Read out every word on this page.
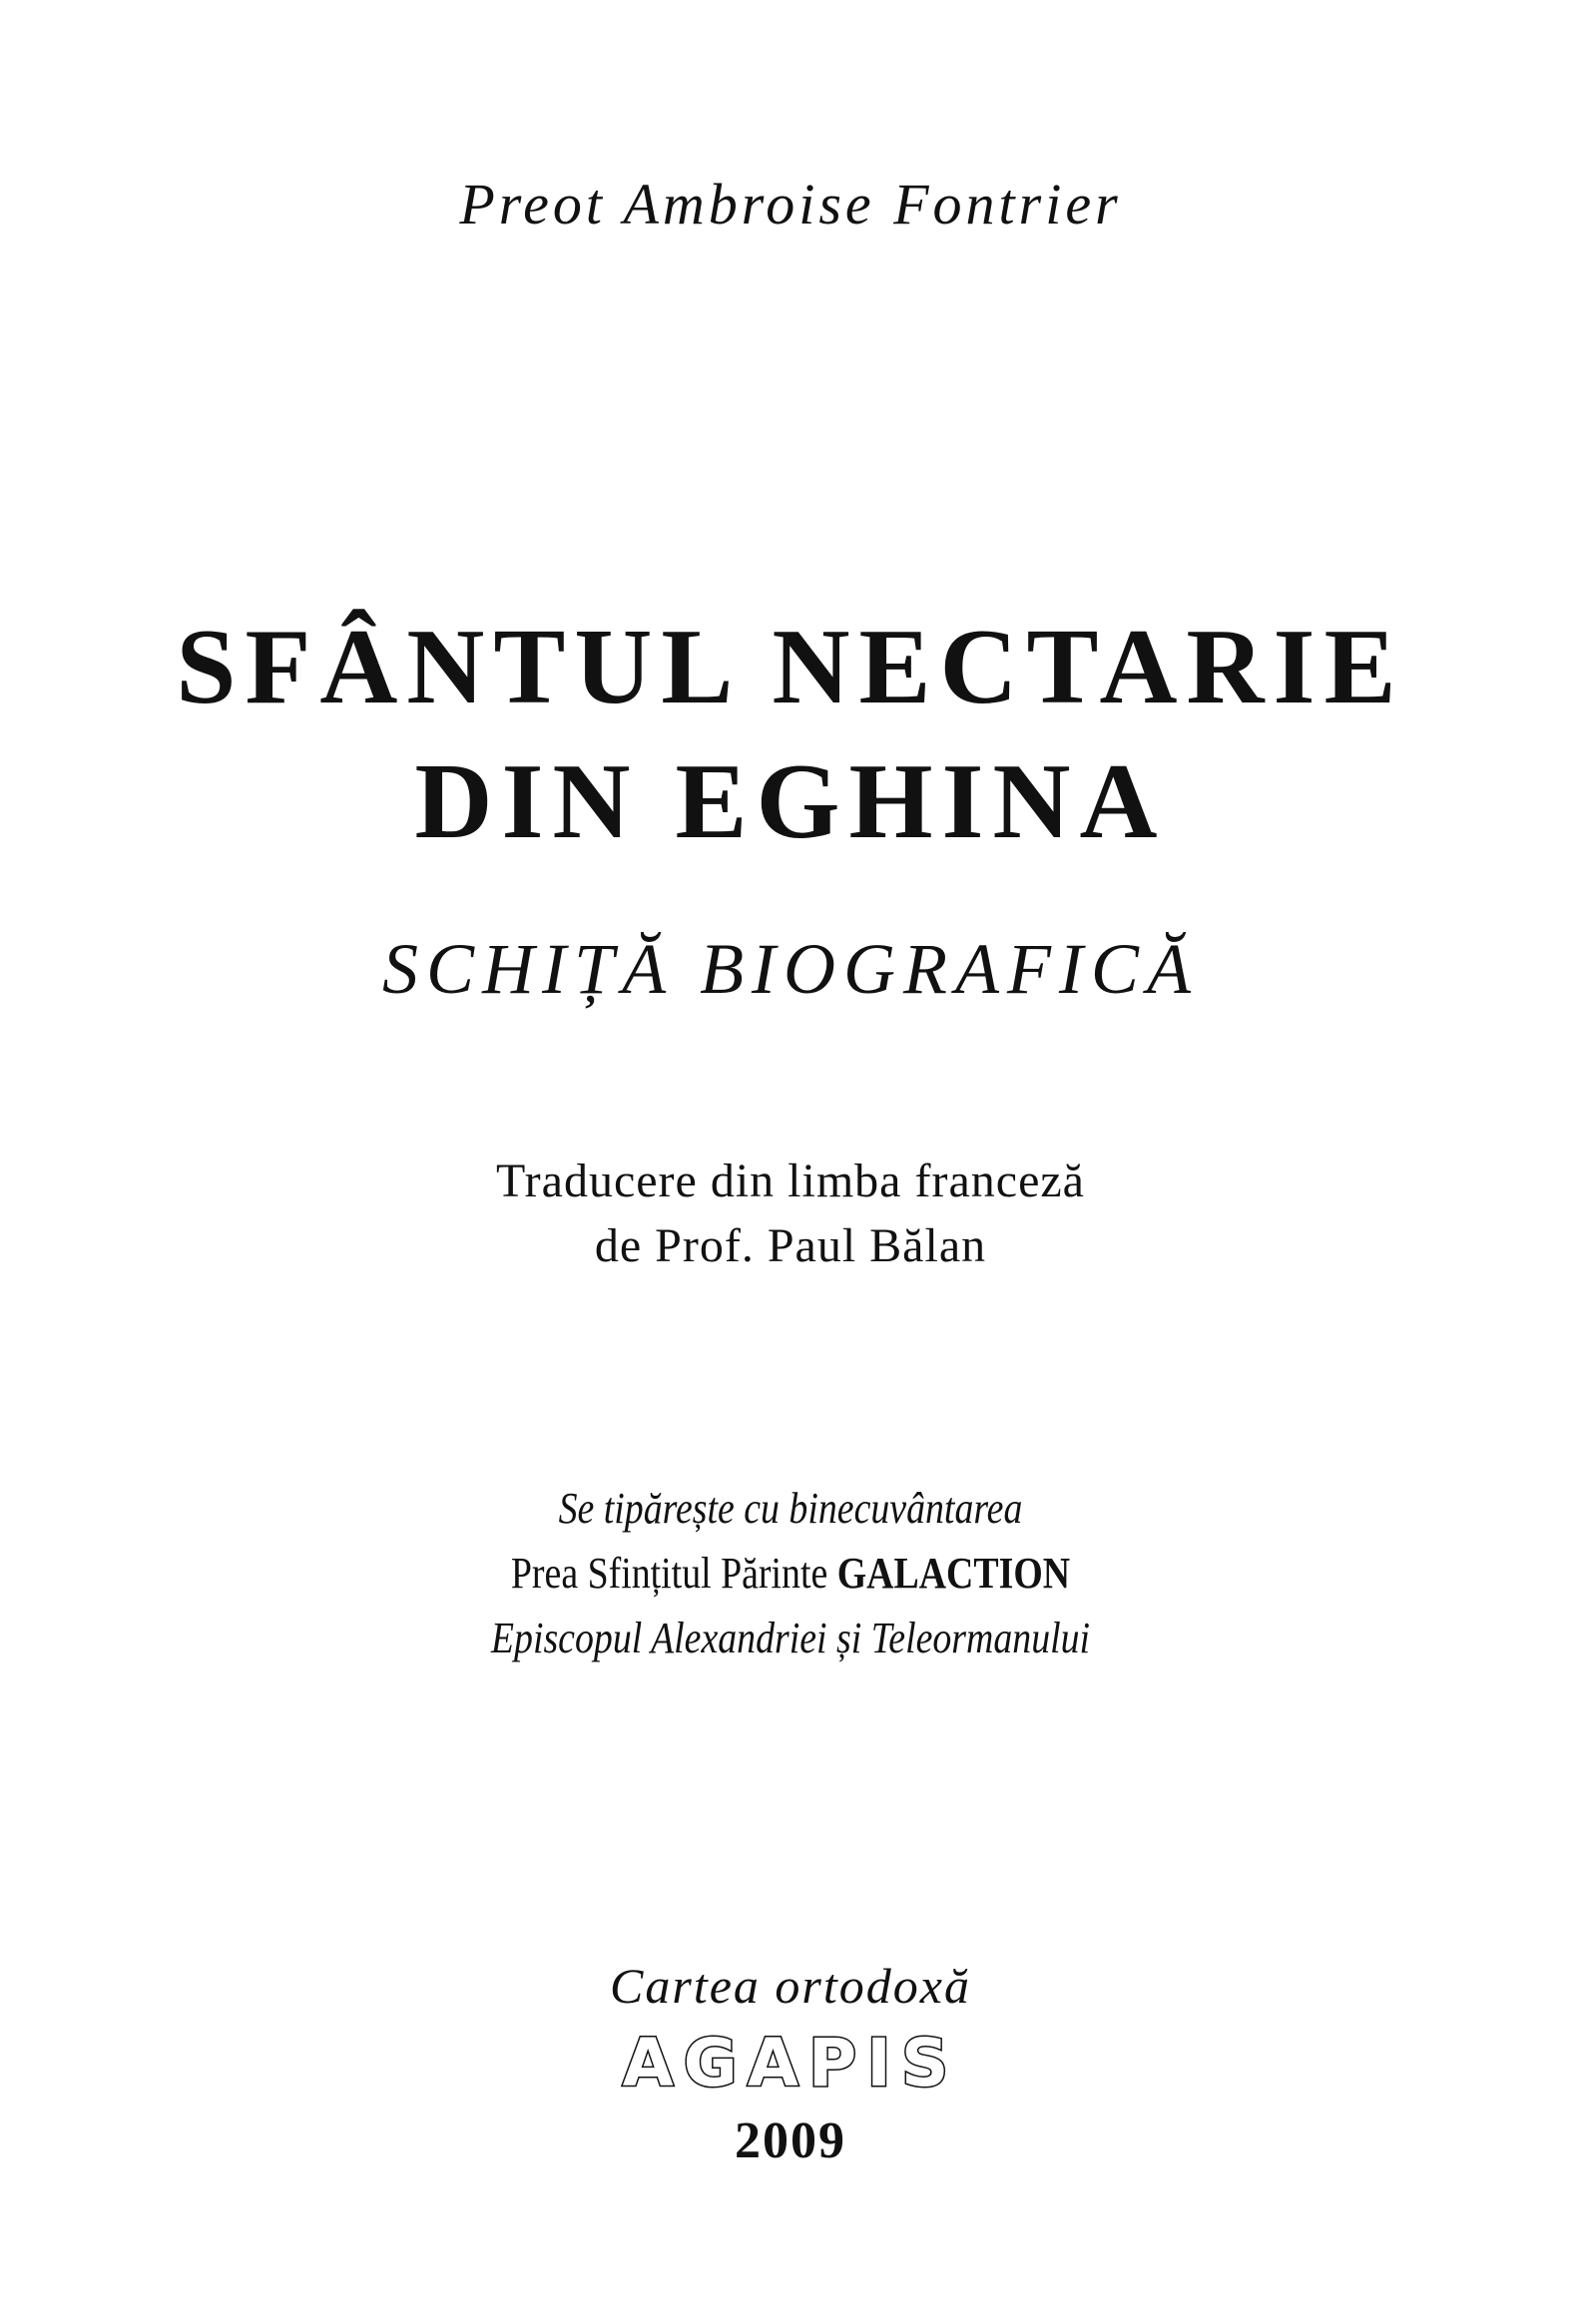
Preot Ambroise Fontrier
SFÂNTUL NECTARIE
DIN EGHINA
SCHIȚĂ BIOGRAFICĂ
Traducere din limba franceză
de Prof. Paul Bălan
Se tipărește cu binecuvântarea
Prea Sfințitul Părinte GALACTION
Episcopul Alexandriei și Teleormanului
Cartea ortodoxă
AGAPIS
2009
